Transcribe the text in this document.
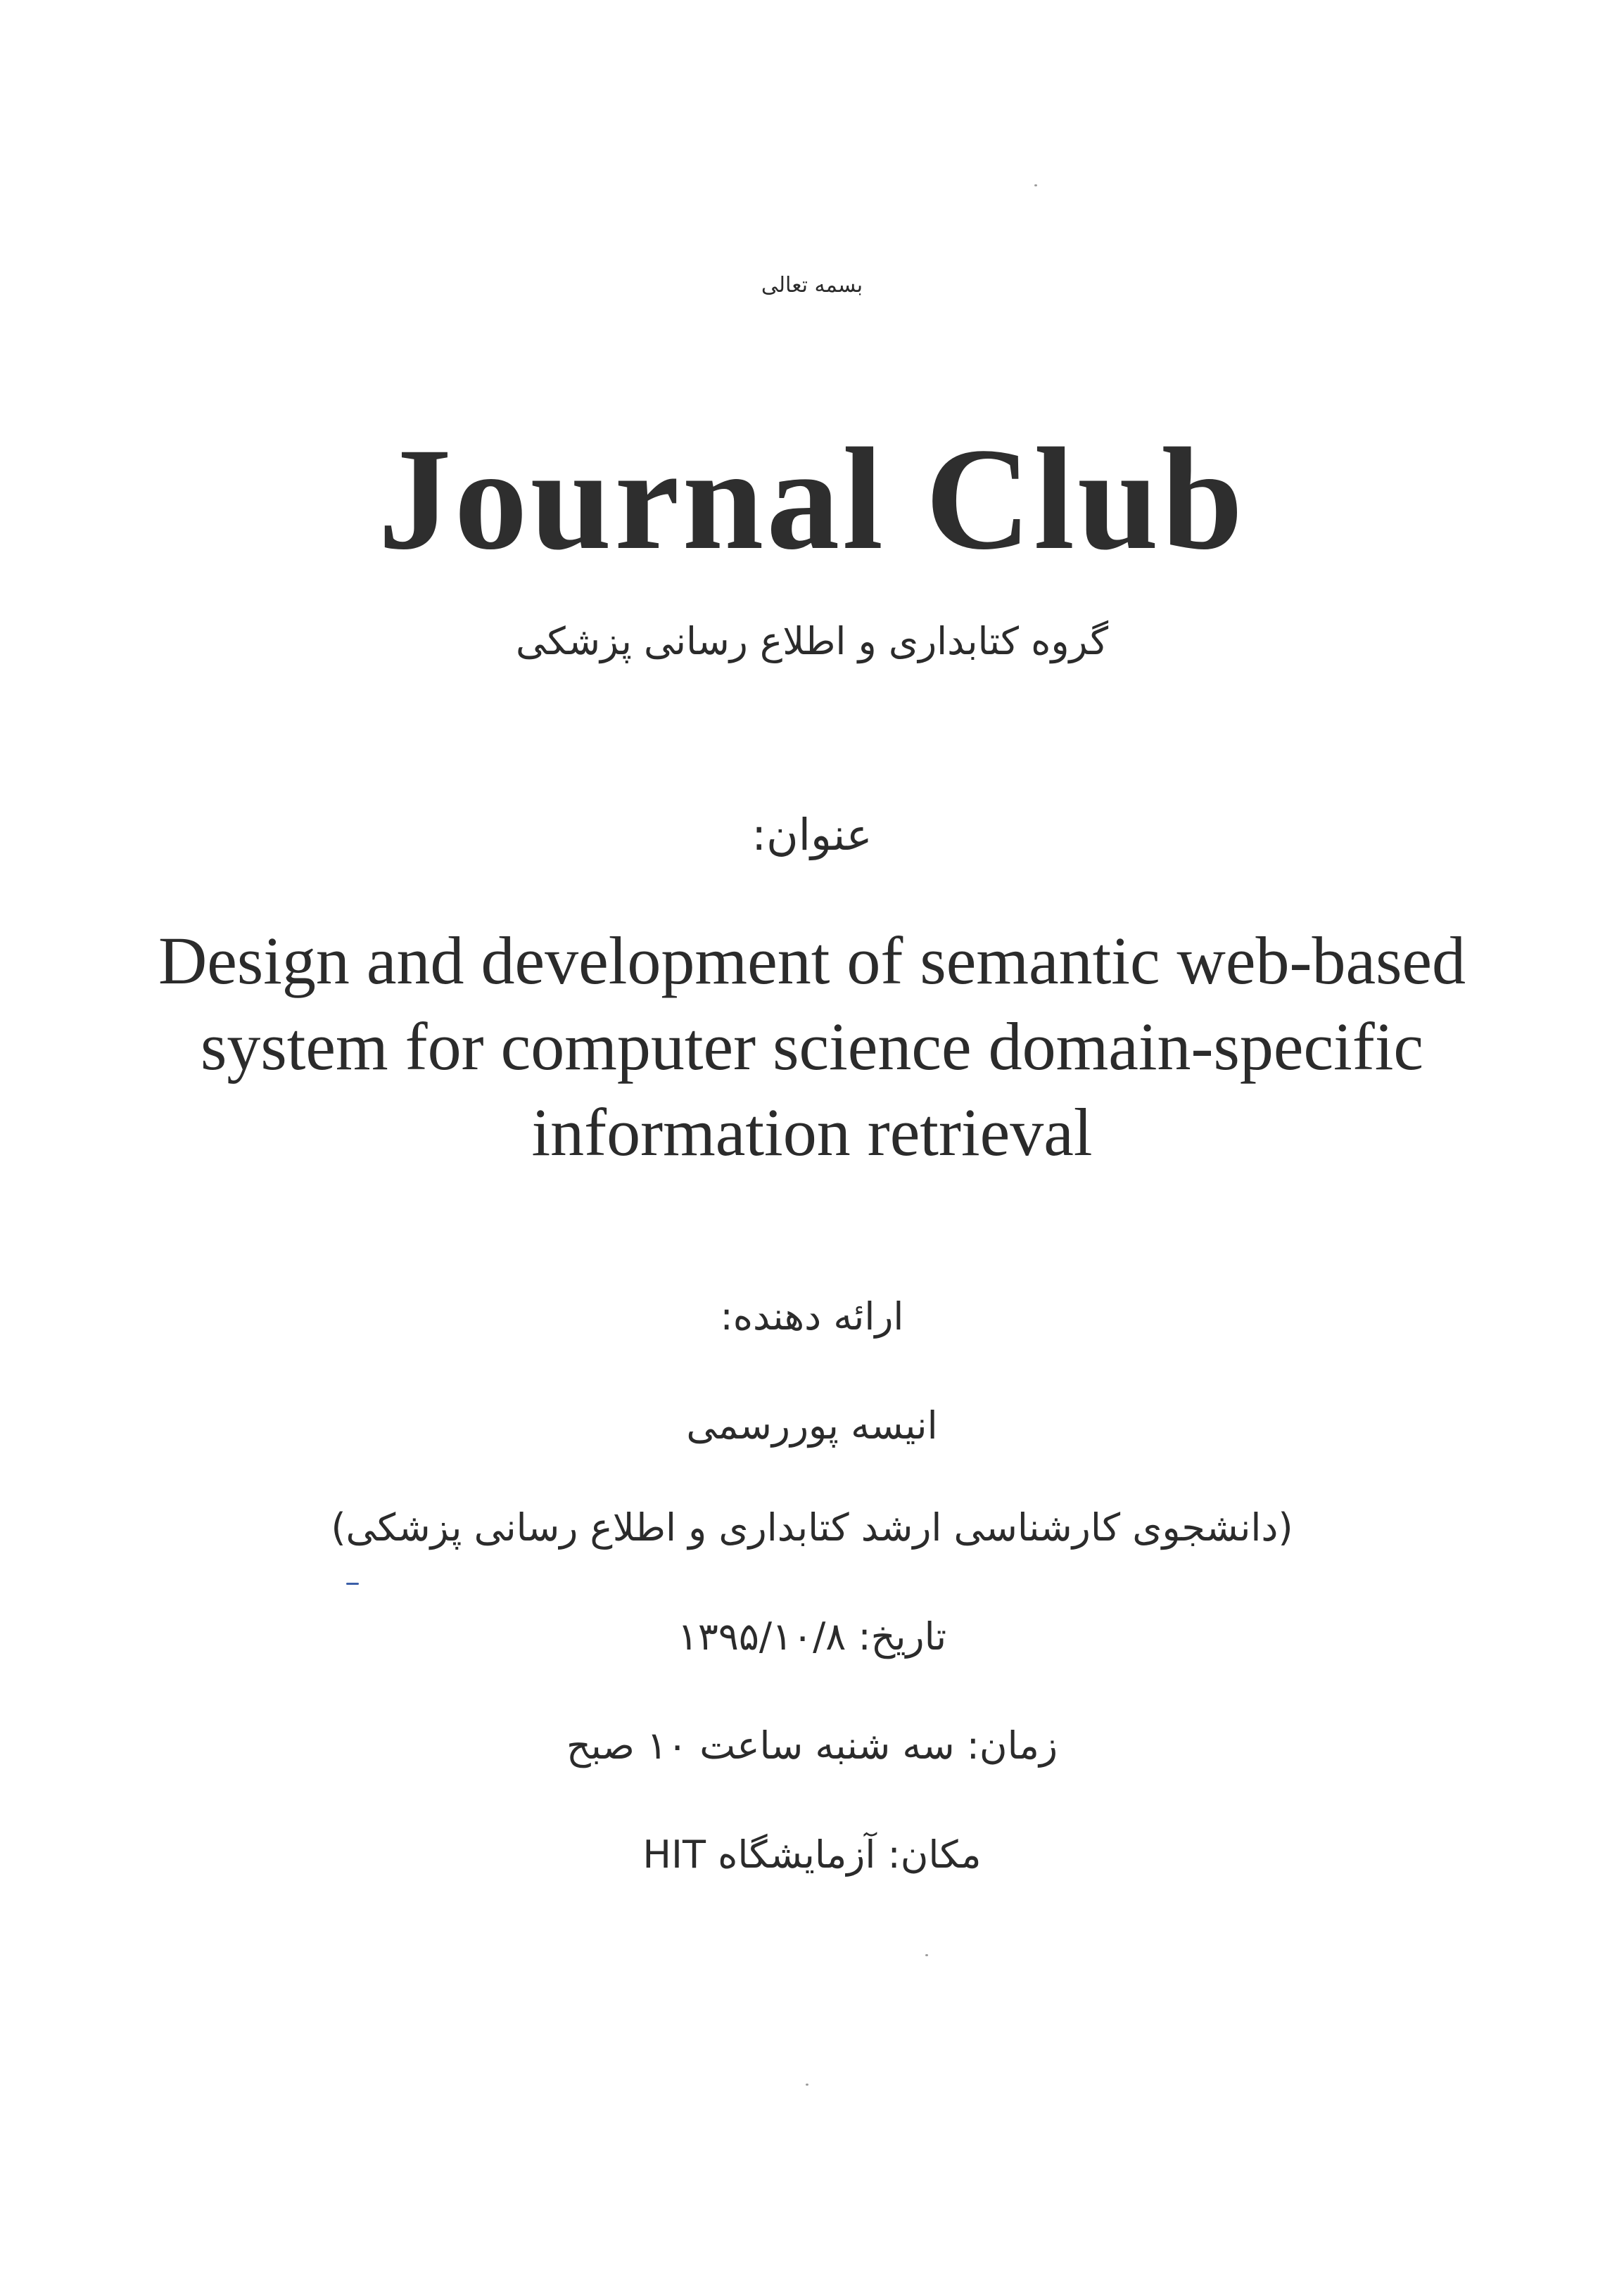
بسمه تعالی
Journal Club
گروه کتابداری و اطلاع رسانی پزشکی
عنوان:
Design and development of semantic web-based
system for computer science domain-specific
information retrieval
ارائه دهنده:
انیسه پوررسمی
(دانشجوی کارشناسی ارشد کتابداری و اطلاع رسانی پزشکی)
تاریخ: ۱۳۹۵/۱۰/۸
زمان: سه شنبه ساعت ۱۰ صبح
مکان: آزمایشگاه HIT
